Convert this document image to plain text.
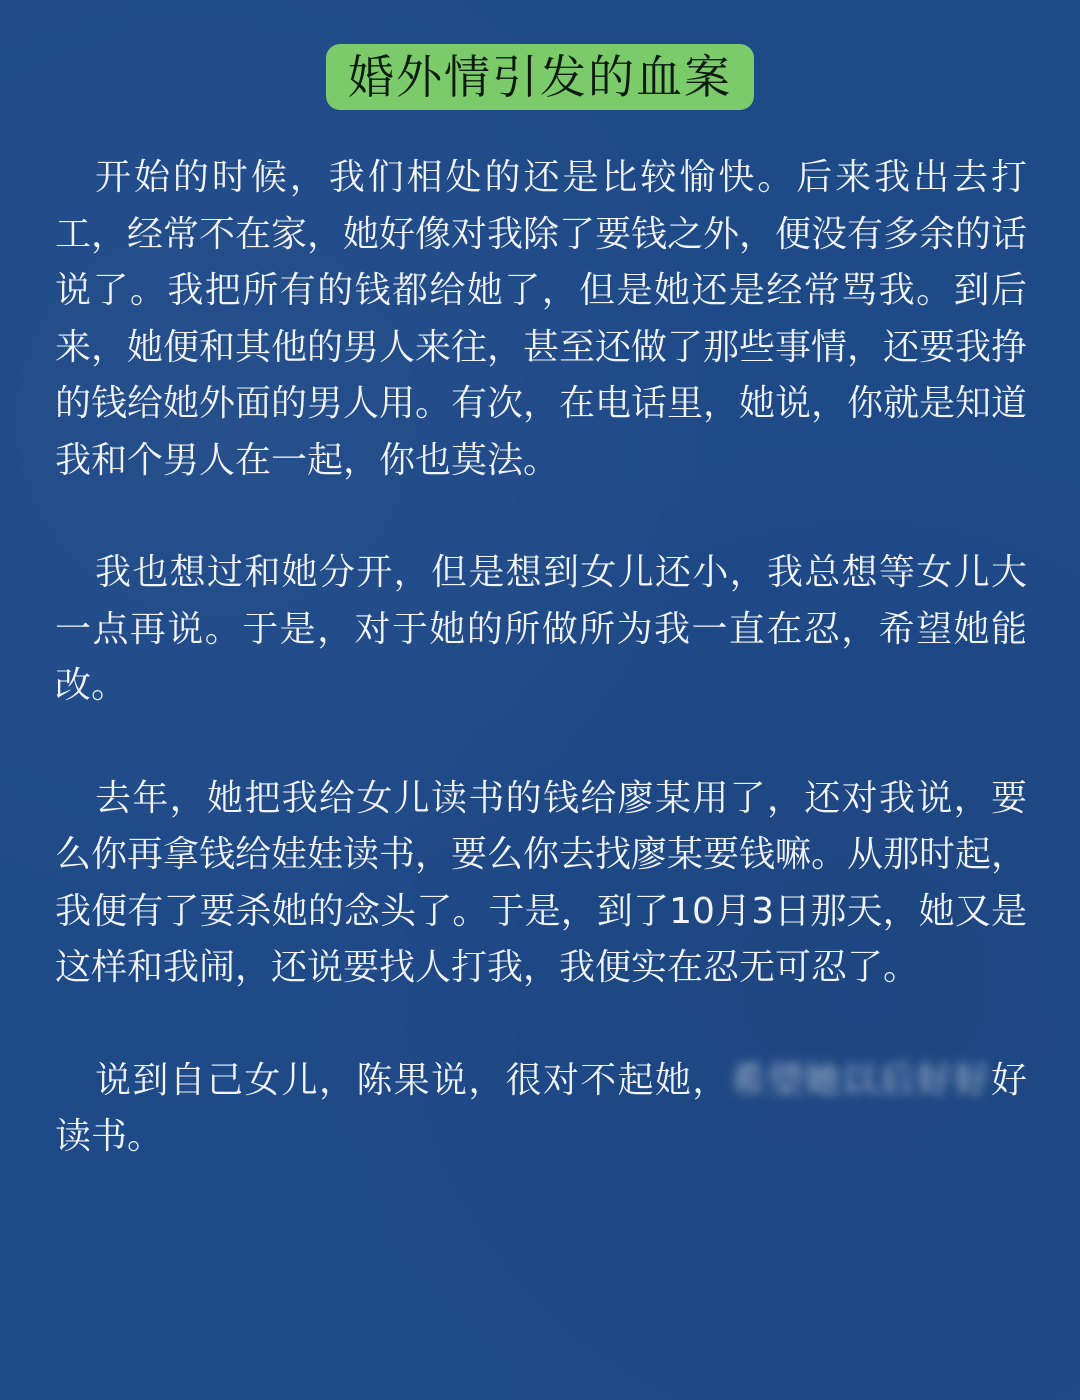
婚外情引发的血案

开始的时候，我们相处的还是比较愉快。后来我出去打工，经常不在家，她好像对我除了要钱之外，便没有多余的话说了。我把所有的钱都给她了，但是她还是经常骂我。到后来，她便和其他的男人来往，甚至还做了那些事情，还要我挣的钱给她外面的男人用。有次，在电话里，她说，你就是知道我和个男人在一起，你也莫法。

我也想过和她分开，但是想到女儿还小，我总想等女儿大一点再说。于是，对于她的所做所为我一直在忍，希望她能改。

去年，她把我给女儿读书的钱给廖某用了，还对我说，要么你再拿钱给娃娃读书，要么你去找廖某要钱嘛。从那时起，我便有了要杀她的念头了。于是，到了10月3日那天，她又是这样和我闹，还说要找人打我，我便实在忍无可忍了。

说到自己女儿，陈果说，很对不起她，希望她以后好好好读书。
